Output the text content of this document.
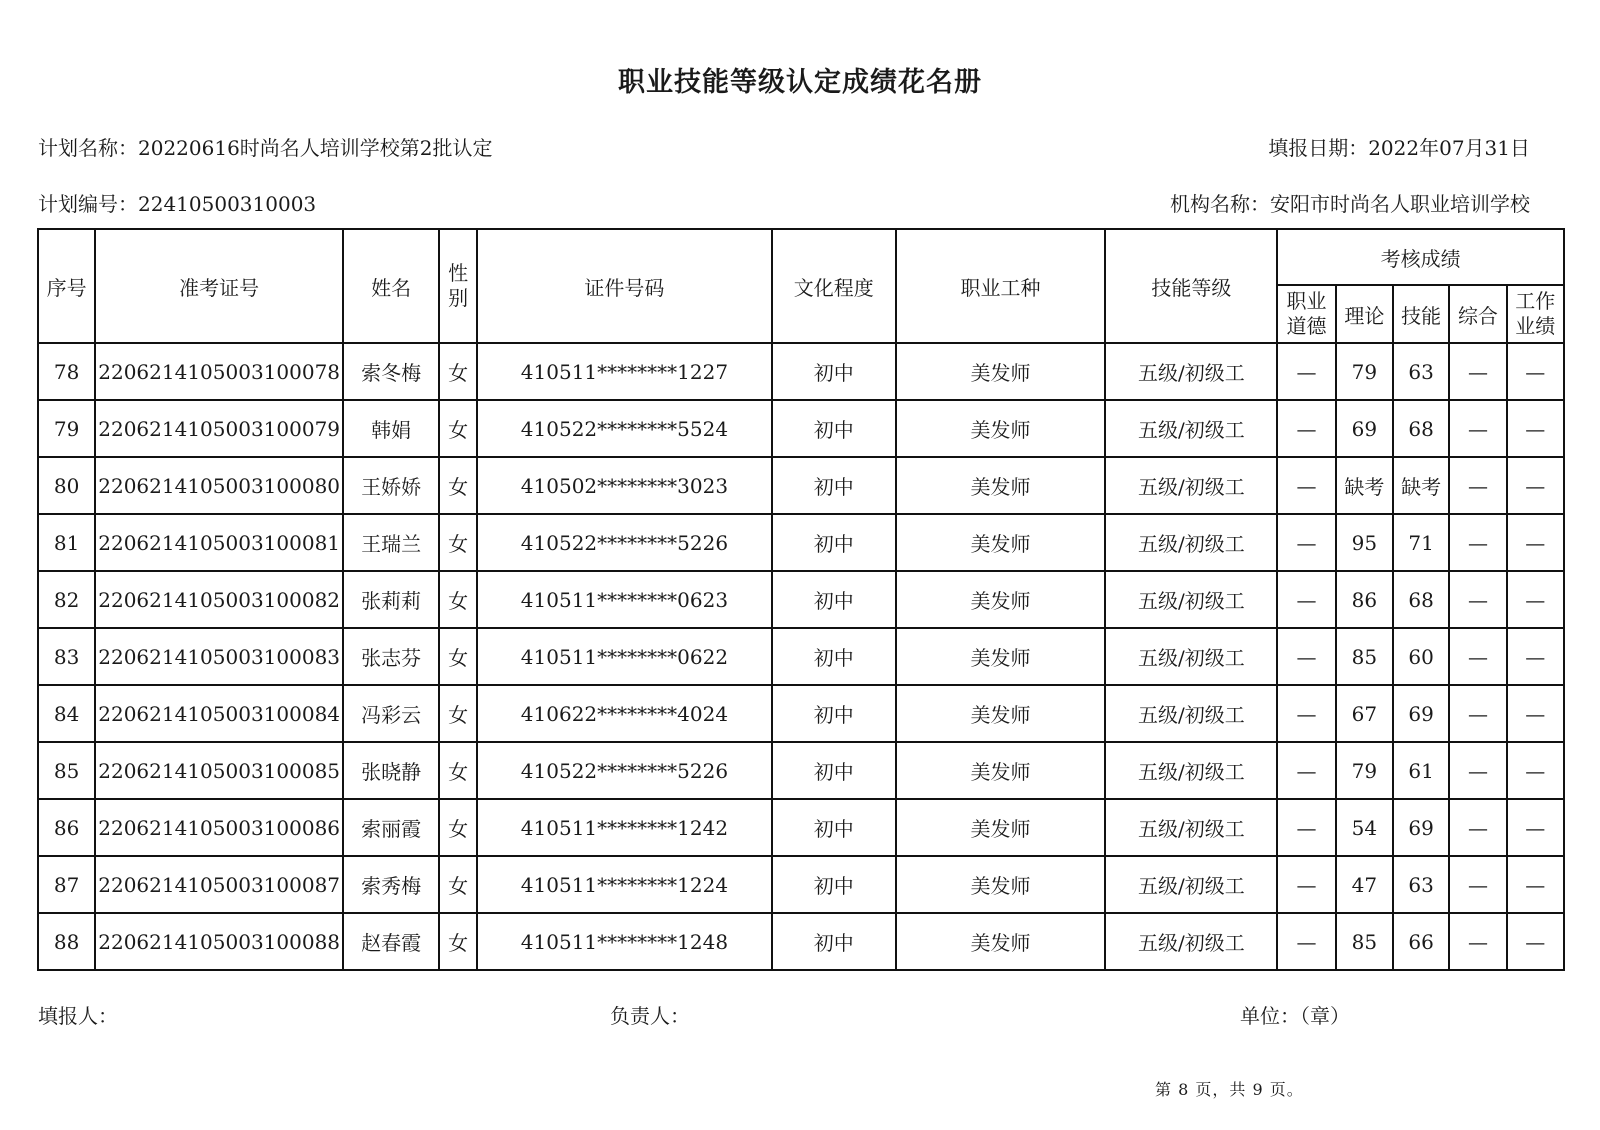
职业技能等级认定成绩花名册
计划名称：20220616时尚名人培训学校第2批认定	填报日期：2022年07月31日
计划编号：22410500310003	机构名称：安阳市时尚名人职业培训学校
序号	准考证号	姓名	性别	证件号码	文化程度	职业工种	技能等级	考核成绩				
								职业道德	理论	技能	综合	工作业绩
78	2206214105003100078	索冬梅	女	410511********1227	初中	美发师	五级/初级工	—	79	63	—	—
79	2206214105003100079	韩娟	女	410522********5524	初中	美发师	五级/初级工	—	69	68	—	—
80	2206214105003100080	王娇娇	女	410502********3023	初中	美发师	五级/初级工	—	缺考	缺考	—	—
81	2206214105003100081	王瑞兰	女	410522********5226	初中	美发师	五级/初级工	—	95	71	—	—
82	2206214105003100082	张莉莉	女	410511********0623	初中	美发师	五级/初级工	—	86	68	—	—
83	2206214105003100083	张志芬	女	410511********0622	初中	美发师	五级/初级工	—	85	60	—	—
84	2206214105003100084	冯彩云	女	410622********4024	初中	美发师	五级/初级工	—	67	69	—	—
85	2206214105003100085	张晓静	女	410522********5226	初中	美发师	五级/初级工	—	79	61	—	—
86	2206214105003100086	索丽霞	女	410511********1242	初中	美发师	五级/初级工	—	54	69	—	—
87	2206214105003100087	索秀梅	女	410511********1224	初中	美发师	五级/初级工	—	47	63	—	—
88	2206214105003100088	赵春霞	女	410511********1248	初中	美发师	五级/初级工	—	85	66	—	—
填报人：	负责人：	单位：（章）
第 8 页，共 9 页。
